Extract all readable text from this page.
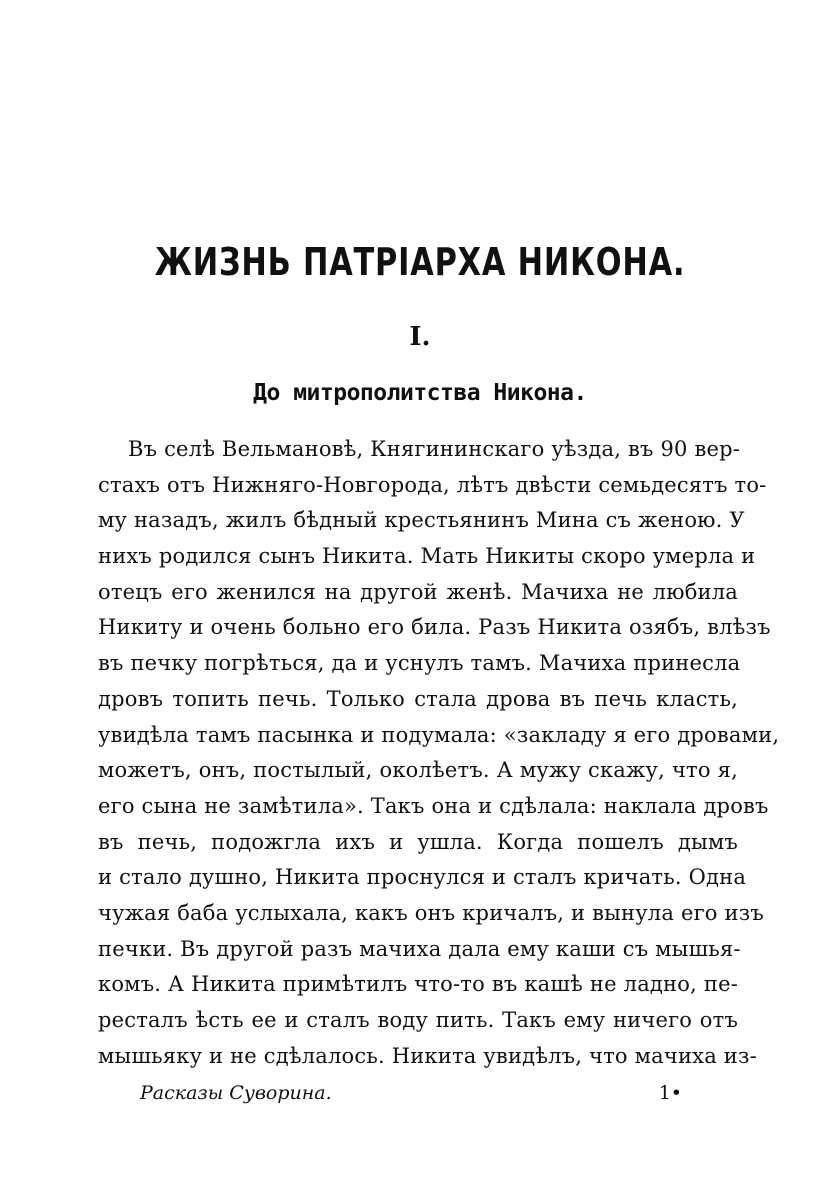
ЖИЗНЬ ПАТРІАРХА НИКОНА.
I.
До митрополитства Никона.
Въ селѣ Вельмановѣ, Княгининскаго уѣзда, въ 90 вер-
стахъ отъ Нижняго-Новгорода, лѣтъ двѣсти семьдесятъ то-
му назадъ, жилъ бѣдный крестьянинъ Мина съ женою. У
нихъ родился сынъ Никита. Мать Никиты скоро умерла и
отецъ его женился на другой женѣ. Мачиха не любила
Никиту и очень больно его била. Разъ Никита озябъ, влѣзъ
въ печку погрѣться, да и уснулъ тамъ. Мачиха принесла
дровъ топить печь. Только стала дрова въ печь класть,
увидѣла тамъ пасынка и подумала: «закладу я его дровами,
можетъ, онъ, постылый, околѣетъ. А мужу скажу, что я,
его сына не замѣтила». Такъ она и сдѣлала: наклала дровъ
въ печь, подожгла ихъ и ушла. Когда пошелъ дымъ
и стало душно, Никита проснулся и сталъ кричать. Одна
чужая баба услыхала, какъ онъ кричалъ, и вынула его изъ
печки. Въ другой разъ мачиха дала ему каши съ мышья-
комъ. А Никита примѣтилъ что-то въ кашѣ не ладно, пе-
ресталъ ѣсть ее и сталъ воду пить. Такъ ему ничего отъ
мышьяку и не сдѣлалось. Никита увидѣлъ, что мачиха из-
Расказы Суворина.	1•
